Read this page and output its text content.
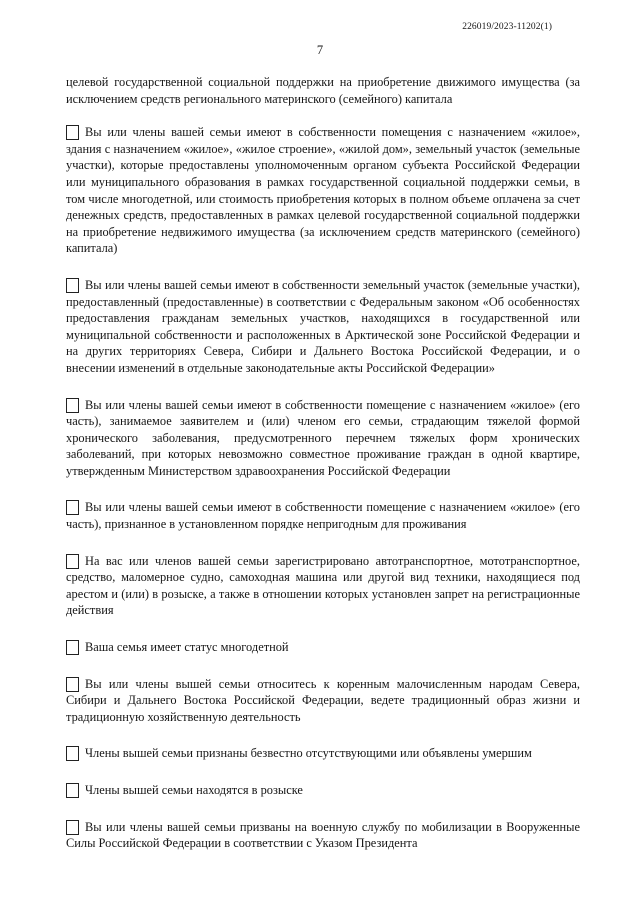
226019/2023-11202(1)
7

целевой государственной социальной поддержки на приобретение движимого имущества (за исключением средств регионального материнского (семейного) капитала

Вы или члены вашей семьи имеют в собственности помещения с назначением «жилое», здания с назначением «жилое», «жилое строение», «жилой дом», земельный участок (земельные участки), которые предоставлены уполномоченным органом субъекта Российской Федерации или муниципального образования в рамках государственной социальной поддержки семьи, в том числе многодетной, или стоимость приобретения которых в полном объеме оплачена за счет денежных средств, предоставленных в рамках целевой государственной социальной поддержки на приобретение недвижимого имущества (за исключением средств материнского (семейного) капитала)

Вы или члены вашей семьи имеют в собственности земельный участок (земельные участки), предоставленный (предоставленные) в соответствии с Федеральным законом «Об особенностях предоставления гражданам земельных участков, находящихся в государственной или муниципальной собственности и расположенных в Арктической зоне Российской Федерации и на других территориях Севера, Сибири и Дальнего Востока Российской Федерации, и о внесении изменений в отдельные законодательные акты Российской Федерации»

Вы или члены вашей семьи имеют в собственности помещение с назначением «жилое» (его часть), занимаемое заявителем и (или) членом его семьи, страдающим тяжелой формой хронического заболевания, предусмотренного перечнем тяжелых форм хронических заболеваний, при которых невозможно совместное проживание граждан в одной квартире, утвержденным Министерством здравоохранения Российской Федерации

Вы или члены вашей семьи имеют в собственности помещение с назначением «жилое» (его часть), признанное в установленном порядке непригодным для проживания

На вас или членов вашей семьи зарегистрировано автотранспортное, мототранспортное, средство, маломерное судно, самоходная машина или другой вид техники, находящиеся под арестом и (или) в розыске, а также в отношении которых установлен запрет на регистрационные действия

Ваша семья имеет статус многодетной

Вы или члены вышей семьи относитесь к коренным малочисленным народам Севера, Сибири и Дальнего Востока Российской Федерации, ведете традиционный образ жизни и традиционную хозяйственную деятельность

Члены вышей семьи признаны безвестно отсутствующими или объявлены умершим

Члены вышей семьи находятся в розыске

Вы или члены вашей семьи призваны на военную службу по мобилизации в Вооруженные Силы Российской Федерации в соответствии с Указом Президента
